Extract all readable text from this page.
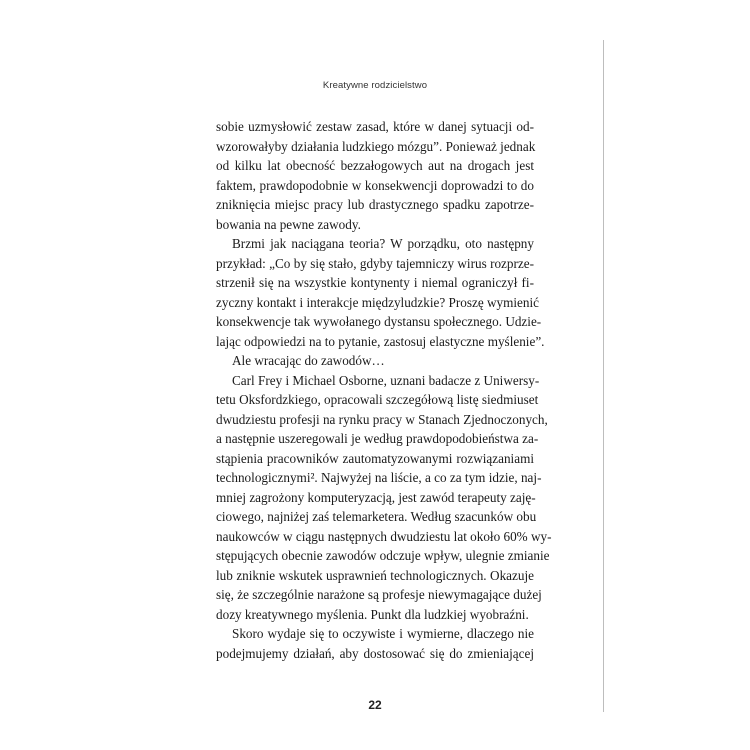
Kreatywne rodzicielstwo
sobie uzmysłowić zestaw zasad, które w danej sytuacji od-
wzorowałyby działania ludzkiego mózgu”. Ponieważ jednak
od kilku lat obecność bezzałogowych aut na drogach jest
faktem, prawdopodobnie w konsekwencji doprowadzi to do
zniknięcia miejsc pracy lub drastycznego spadku zapotrze-
bowania na pewne zawody.
Brzmi jak naciągana teoria? W porządku, oto następny
przykład: „Co by się stało, gdyby tajemniczy wirus rozprze-
strzenił się na wszystkie kontynenty i niemal ograniczył fi-
zyczny kontakt i interakcje międzyludzkie? Proszę wymienić
konsekwencje tak wywołanego dystansu społecznego. Udzie-
lając odpowiedzi na to pytanie, zastosuj elastyczne myślenie”.
Ale wracając do zawodów…
Carl Frey i Michael Osborne, uznani badacze z Uniwersy-
tetu Oksfordzkiego, opracowali szczegółową listę siedmiuset
dwudziestu profesji na rynku pracy w Stanach Zjednoczonych,
a następnie uszeregowali je według prawdopodobieństwa za-
stąpienia pracowników zautomatyzowanymi rozwiązaniami
technologicznymi². Najwyżej na liście, a co za tym idzie, naj-
mniej zagrożony komputeryzacją, jest zawód terapeuty zaję-
ciowego, najniżej zaś telemarketera. Według szacunków obu
naukowców w ciągu następnych dwudziestu lat około 60% wy-
stępujących obecnie zawodów odczuje wpływ, ulegnie zmianie
lub zniknie wskutek usprawnień technologicznych. Okazuje
się, że szczególnie narażone są profesje niewymagające dużej
dozy kreatywnego myślenia. Punkt dla ludzkiej wyobraźni.
Skoro wydaje się to oczywiste i wymierne, dlaczego nie
podejmujemy działań, aby dostosować się do zmieniającej
22
